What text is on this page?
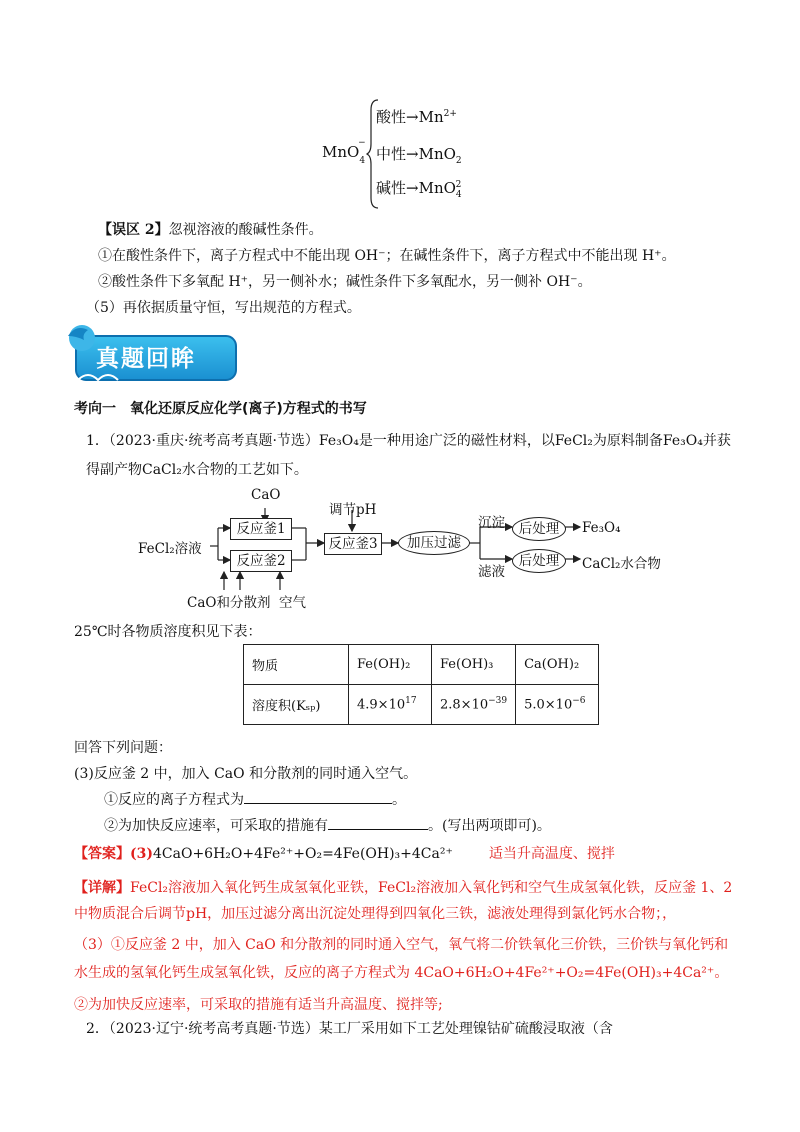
MnO$_4$−
酸性$\to Mn^{2+}$
中性→MnO$_2$
碱性→MnO$_4^2$
【误区 2】忽视溶液的酸碱性条件。
①在酸性条件下，离子方程式中不能出现 OH⁻；在碱性条件下，离子方程式中不能出现 H⁺。
②酸性条件下多氧配 H⁺，另一侧补水；碱性条件下多氧配水，另一侧补 OH⁻。
（5）再依据质量守恒，写出规范的方程式。
真题回眸
考向一　氧化还原反应化学(离子)方程式的书写
1．（2023·重庆·统考高考真题·节选）Fe₃O₄是一种用途广泛的磁性材料，以FeCl₂为原料制备Fe₃O₄并获
得副产物CaCl₂水合物的工艺如下。
CaO
FeCl₂溶液
反应釜1
反应釜2
CaO和分散剂  空气
调节pH
反应釜3	加压过滤
沉淀
滤液
后处理
后处理
Fe₃O₄
CaCl₂水合物
25℃时各物质溶度积见下表：
物质	Fe(OH)₂	Fe(OH)₃	Ca(OH)₂
溶度积(Kₛₚ)	$4.9\times 10^{17}$	$2.8\times 10^{-39}$	$5.0\times 10^{-6}$
回答下列问题：
(3)反应釜 2 中，加入 CaO 和分散剂的同时通入空气。
①反应的离子方程式为	。
②为加快反应速率，可采取的措施有	。(写出两项即可)。
【答案】(3)4CaO+6H₂O+4Fe²⁺+O₂=4Fe(OH)₃+4Ca²⁺	适当升高温度、搅拌
【详解】FeCl₂溶液加入氧化钙生成氢氧化亚铁，FeCl₂溶液加入氧化钙和空气生成氢氧化铁，反应釜 1、2
中物质混合后调节pH，加压过滤分离出沉淀处理得到四氧化三铁，滤液处理得到氯化钙水合物；，
（3）①反应釜 2 中，加入 CaO 和分散剂的同时通入空气，氧气将二价铁氧化三价铁，三价铁与氧化钙和
水生成的氢氧化钙生成氢氧化铁，反应的离子方程式为 4CaO+6H₂O+4Fe²⁺+O₂=4Fe(OH)₃+4Ca²⁺。
②为加快反应速率，可采取的措施有适当升高温度、搅拌等;
2．（2023·辽宁·统考高考真题·节选）某工厂采用如下工艺处理镍钴矿硫酸浸取液（含
